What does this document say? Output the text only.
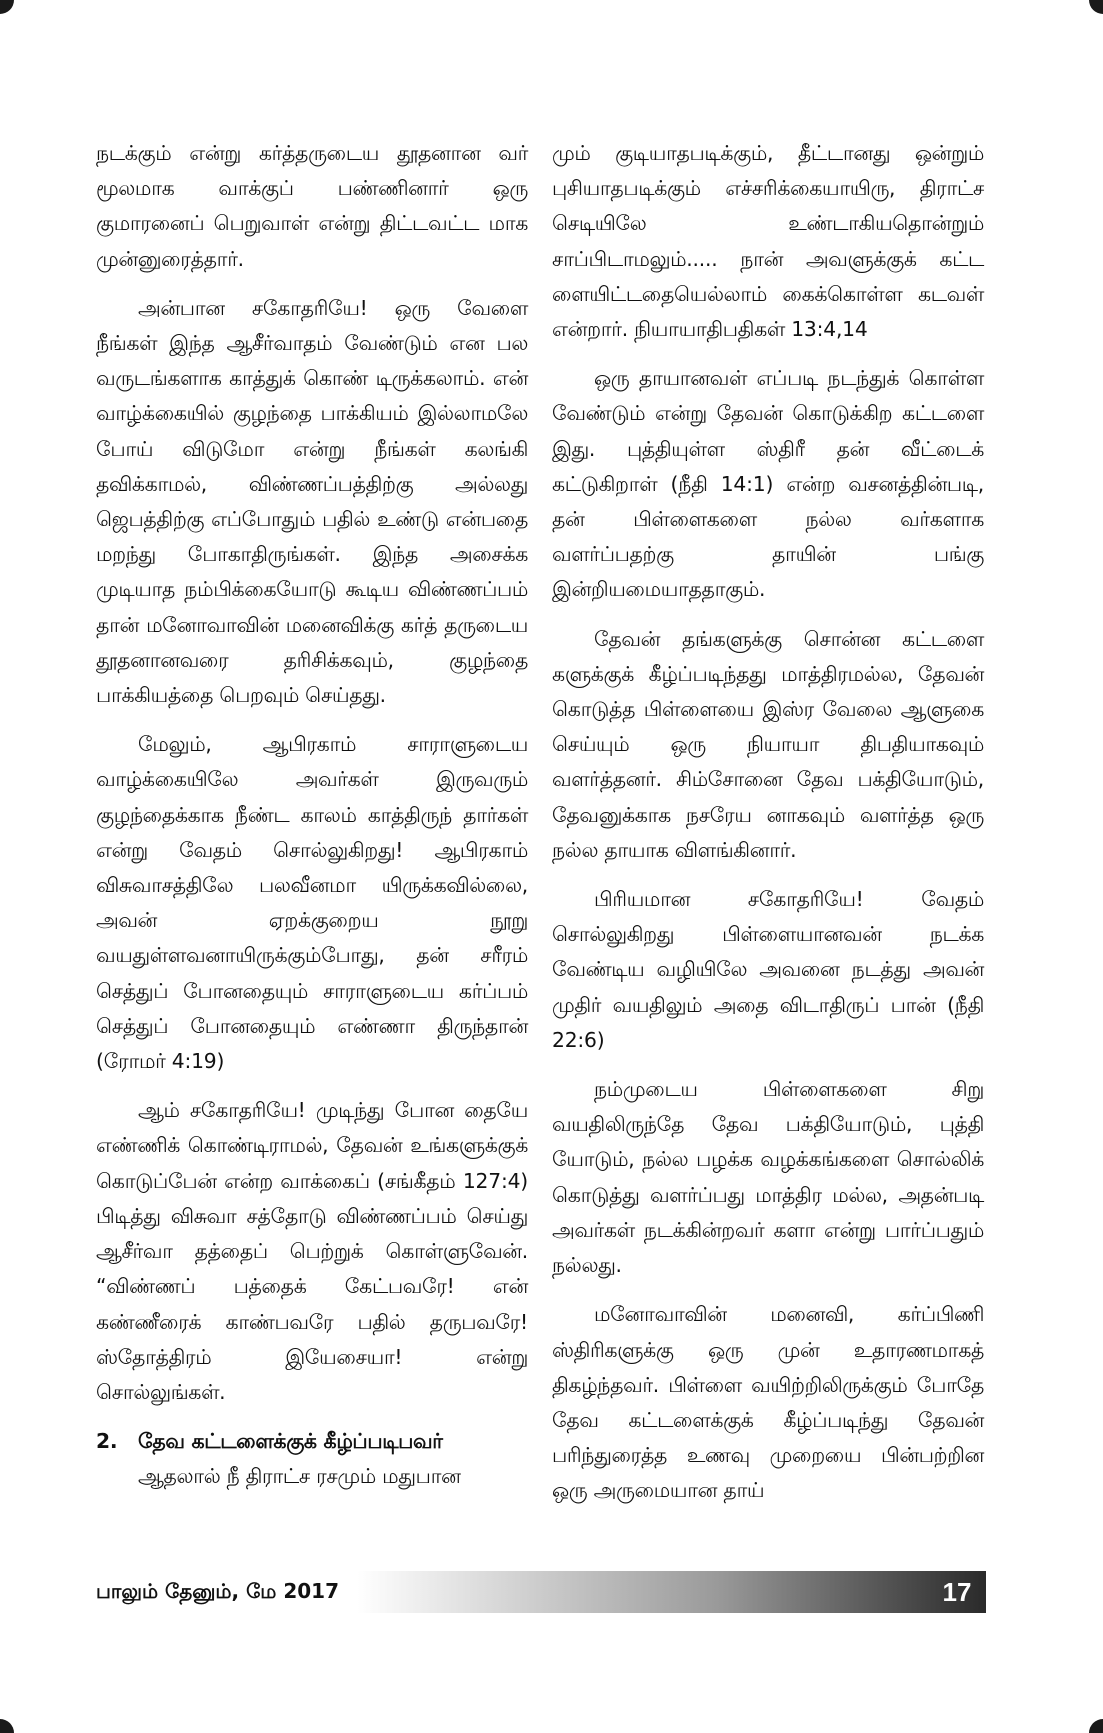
நடக்கும் என்று கர்த்தருடைய தூதனான வர் மூலமாக வாக்குப் பண்ணினார் ஒரு குமாரனைப் பெறுவாள் என்று திட்டவட்ட மாக முன்னுரைத்தார்.

அன்பான சகோதரியே! ஒரு வேளை நீங்கள் இந்த ஆசீர்வாதம் வேண்டும் என பல வருடங்களாக காத்துக் கொண் டிருக்கலாம். என் வாழ்க்கையில் குழந்தை பாக்கியம் இல்லாமலே போய் விடுமோ என்று நீங்கள் கலங்கி தவிக்காமல், விண்ணப்பத்திற்கு அல்லது ஜெபத்திற்கு எப்போதும் பதில் உண்டு என்பதை மறந்து போகாதிருங்கள். இந்த அசைக்க முடியாத நம்பிக்கையோடு கூடிய விண்ணப்பம் தான் மனோவாவின் மனைவிக்கு கர்த் தருடைய தூதனானவரை தரிசிக்கவும், குழந்தை பாக்கியத்தை பெறவும் செய்தது.

மேலும், ஆபிரகாம் சாராளுடைய வாழ்க்கையிலே அவர்கள் இருவரும் குழந்தைக்காக நீண்ட காலம் காத்திருந் தார்கள் என்று வேதம் சொல்லுகிறது! ஆபிரகாம் விசுவாசத்திலே பலவீனமா யிருக்கவில்லை, அவன் ஏறக்குறைய நூறு வயதுள்ளவனாயிருக்கும்போது, தன் சரீரம் செத்துப் போனதையும் சாராளுடைய கர்ப்பம் செத்துப் போனதையும் எண்ணா திருந்தான் (ரோமர் 4:19)

ஆம் சகோதரியே! முடிந்து போன தையே எண்ணிக் கொண்டிராமல், தேவன் உங்களுக்குக் கொடுப்பேன் என்ற வாக்கைப் (சங்கீதம் 127:4) பிடித்து விசுவா சத்தோடு விண்ணப்பம் செய்து ஆசீர்வா தத்தைப் பெற்றுக் கொள்ளுவேன். “விண்ணப் பத்தைக் கேட்பவரே! என் கண்ணீரைக் காண்பவரே பதில் தருபவரே! ஸ்தோத்திரம் இயேசையா! என்று சொல்லுங்கள்.

2.	தேவ கட்டளைக்குக் கீழ்ப்படிபவர்

ஆதலால் நீ திராட்ச ரசமும் மதுபான

மும் குடியாதபடிக்கும், தீட்டானது ஒன்றும் புசியாதபடிக்கும் எச்சரிக்கையாயிரு, திராட்ச செடியிலே உண்டாகியதொன்றும் சாப்பிடாமலும்..... நான் அவளுக்குக் கட்ட ளையிட்டதையெல்லாம் கைக்கொள்ள கடவள் என்றார். நியாயாதிபதிகள் 13:4,14

ஒரு தாயானவள் எப்படி நடந்துக் கொள்ள வேண்டும் என்று தேவன் கொடுக்கிற கட்டளை இது. புத்தியுள்ள ஸ்திரீ தன் வீட்டைக் கட்டுகிறாள் (நீதி 14:1) என்ற வசனத்தின்படி, தன் பிள்ளைகளை நல்ல வர்களாக வளர்ப்பதற்கு தாயின் பங்கு இன்றியமையாததாகும்.

தேவன் தங்களுக்கு சொன்ன கட்டளை களுக்குக் கீழ்ப்படிந்தது மாத்திரமல்ல, தேவன் கொடுத்த பிள்ளையை இஸ்ர வேலை ஆளுகை செய்யும் ஒரு நியாயா திபதியாகவும் வளர்த்தனர். சிம்சோனை தேவ பக்தியோடும், தேவனுக்காக நசரேய னாகவும் வளர்த்த ஒரு நல்ல தாயாக விளங்கினார்.

பிரியமான சகோதரியே! வேதம் சொல்லுகிறது பிள்ளையானவன் நடக்க வேண்டிய வழியிலே அவனை நடத்து அவன் முதிர் வயதிலும் அதை விடாதிருப் பான் (நீதி 22:6)

நம்முடைய பிள்ளைகளை சிறு வயதிலிருந்தே தேவ பக்தியோடும், புத்தி யோடும், நல்ல பழக்க வழக்கங்களை சொல்லிக் கொடுத்து வளர்ப்பது மாத்திர மல்ல, அதன்படி அவர்கள் நடக்கின்றவர் களா என்று பார்ப்பதும் நல்லது.

மனோவாவின் மனைவி, கர்ப்பிணி ஸ்திரிகளுக்கு ஒரு முன் உதாரணமாகத் திகழ்ந்தவர். பிள்ளை வயிற்றிலிருக்கும் போதே தேவ கட்டளைக்குக் கீழ்ப்படிந்து தேவன் பரிந்துரைத்த உணவு முறையை பின்பற்றின ஒரு அருமையான தாய்

பாலும் தேனும், மே 2017	17
